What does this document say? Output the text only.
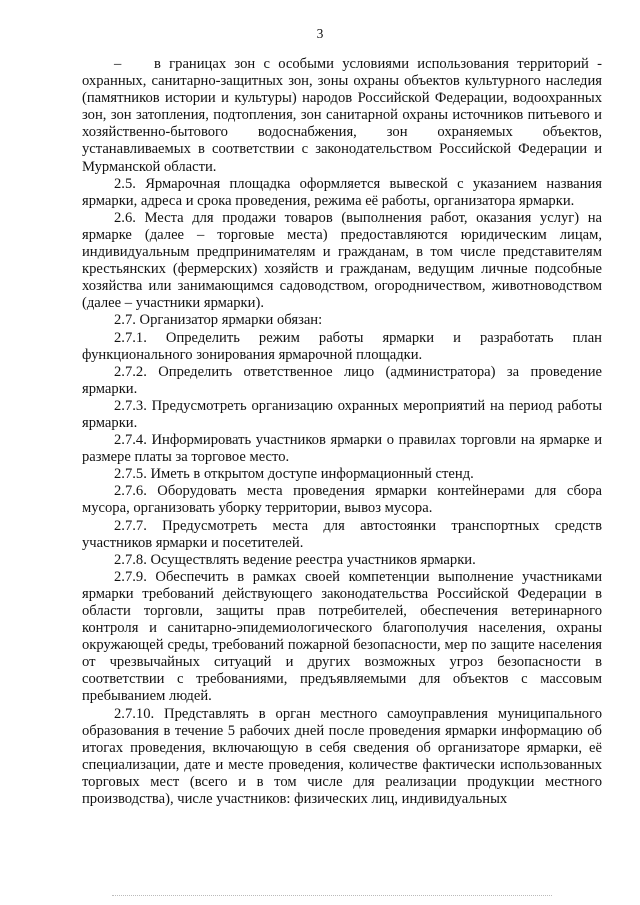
3

– в границах зон с особыми условиями использования территорий - охранных, санитарно-защитных зон, зоны охраны объектов культурного наследия (памятников истории и культуры) народов Российской Федерации, водоохранных зон, зон затопления, подтопления, зон санитарной охраны источников питьевого и хозяйственно-бытового водоснабжения, зон охраняемых объектов, устанавливаемых в соответствии с законодательством Российской Федерации и Мурманской области.

2.5. Ярмарочная площадка оформляется вывеской с указанием названия ярмарки, адреса и срока проведения, режима её работы, организатора ярмарки.

2.6. Места для продажи товаров (выполнения работ, оказания услуг) на ярмарке (далее – торговые места) предоставляются юридическим лицам, индивидуальным предпринимателям и гражданам, в том числе представителям крестьянских (фермерских) хозяйств и гражданам, ведущим личные подсобные хозяйства или занимающимся садоводством, огородничеством, животноводством (далее – участники ярмарки).

2.7. Организатор ярмарки обязан:

2.7.1. Определить режим работы ярмарки и разработать план функционального зонирования ярмарочной площадки.

2.7.2. Определить ответственное лицо (администратора) за проведение ярмарки.

2.7.3. Предусмотреть организацию охранных мероприятий на период работы ярмарки.

2.7.4. Информировать участников ярмарки о правилах торговли на ярмарке и размере платы за торговое место.

2.7.5. Иметь в открытом доступе информационный стенд.

2.7.6. Оборудовать места проведения ярмарки контейнерами для сбора мусора, организовать уборку территории, вывоз мусора.

2.7.7. Предусмотреть места для автостоянки транспортных средств участников ярмарки и посетителей.

2.7.8. Осуществлять ведение реестра участников ярмарки.

2.7.9. Обеспечить в рамках своей компетенции выполнение участниками ярмарки требований действующего законодательства Российской Федерации в области торговли, защиты прав потребителей, обеспечения ветеринарного контроля и санитарно-эпидемиологического благополучия населения, охраны окружающей среды, требований пожарной безопасности, мер по защите населения от чрезвычайных ситуаций и других возможных угроз безопасности в соответствии с требованиями, предъявляемыми для объектов с массовым пребыванием людей.

2.7.10. Представлять в орган местного самоуправления муниципального образования в течение 5 рабочих дней после проведения ярмарки информацию об итогах проведения, включающую в себя сведения об организаторе ярмарки, её специализации, дате и месте проведения, количестве фактически использованных торговых мест (всего и в том числе для реализации продукции местного производства), числе участников: физических лиц, индивидуальных
